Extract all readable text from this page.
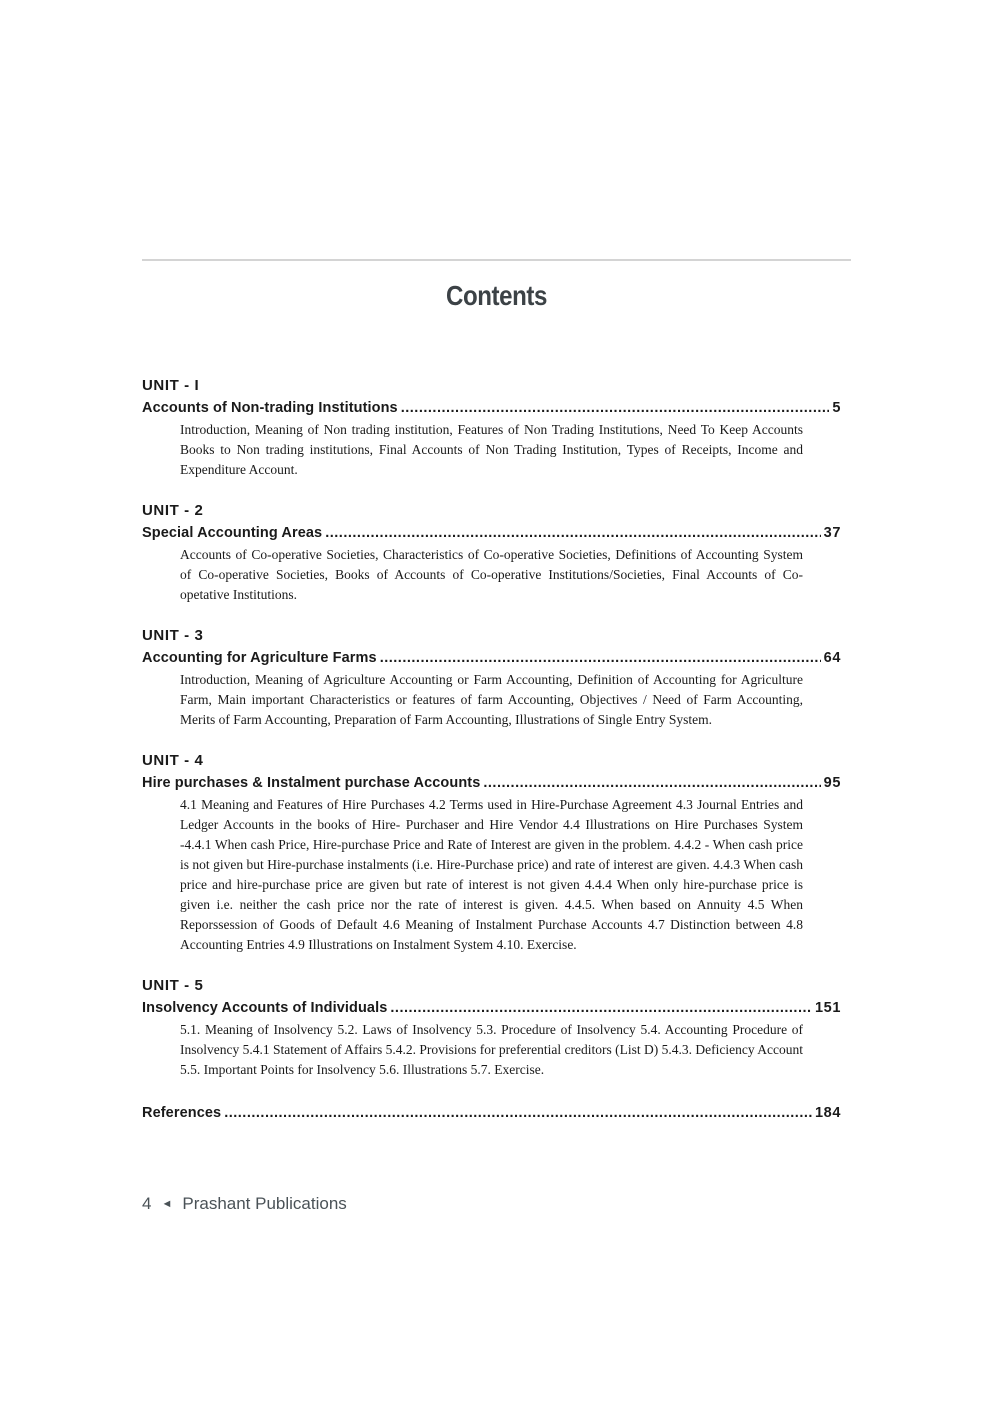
Contents
UNIT - I
Accounts of Non-trading Institutions .....	5
Introduction, Meaning of Non trading institution, Features of Non Trading Institutions, Need To Keep Accounts Books to Non trading institutions, Final Accounts of Non Trading Institution, Types of Receipts, Income and Expenditure Account.
UNIT - 2
Special Accounting Areas .....	37
Accounts of Co-operative Societies, Characteristics of Co-operative Societies, Definitions of Accounting System of Co-operative Societies, Books of Accounts of Co-operative Institutions/Societies, Final Accounts of Co-opetative Institutions.
UNIT - 3
Accounting for Agriculture Farms .....	64
Introduction, Meaning of Agriculture Accounting or Farm Accounting, Definition of Accounting for Agriculture Farm, Main important Characteristics or features of farm Accounting, Objectives / Need of Farm Accounting, Merits of Farm Accounting, Preparation of Farm Accounting, Illustrations of Single Entry System.
UNIT - 4
Hire purchases & Instalment purchase Accounts .....	95
4.1 Meaning and Features of Hire Purchases 4.2 Terms used in Hire-Purchase Agreement 4.3 Journal Entries and Ledger Accounts in the books of Hire- Purchaser and Hire Vendor 4.4 Illustrations on Hire Purchases System -4.4.1 When cash Price, Hire-purchase Price and Rate of Interest are given in the problem. 4.4.2 - When cash price is not given but Hire-purchase instalments (i.e. Hire-Purchase price) and rate of interest are given. 4.4.3 When cash price and hire-purchase price are given but rate of interest is not given 4.4.4 When only hire-purchase price is given i.e. neither the cash price nor the rate of interest is given. 4.4.5. When based on Annuity 4.5 When Reporssession of Goods of Default 4.6 Meaning of Instalment Purchase Accounts 4.7 Distinction between 4.8 Accounting Entries 4.9 Illustrations on Instalment System 4.10. Exercise.
UNIT - 5
Insolvency Accounts of Individuals .....	151
5.1. Meaning of Insolvency 5.2. Laws of Insolvency 5.3. Procedure of Insolvency 5.4. Accounting Procedure of Insolvency 5.4.1 Statement of Affairs 5.4.2. Provisions for preferential creditors (List D) 5.4.3. Deficiency Account 5.5. Important Points for Insolvency 5.6. Illustrations 5.7. Exercise.
References .....	184
4 ◄ Prashant Publications
